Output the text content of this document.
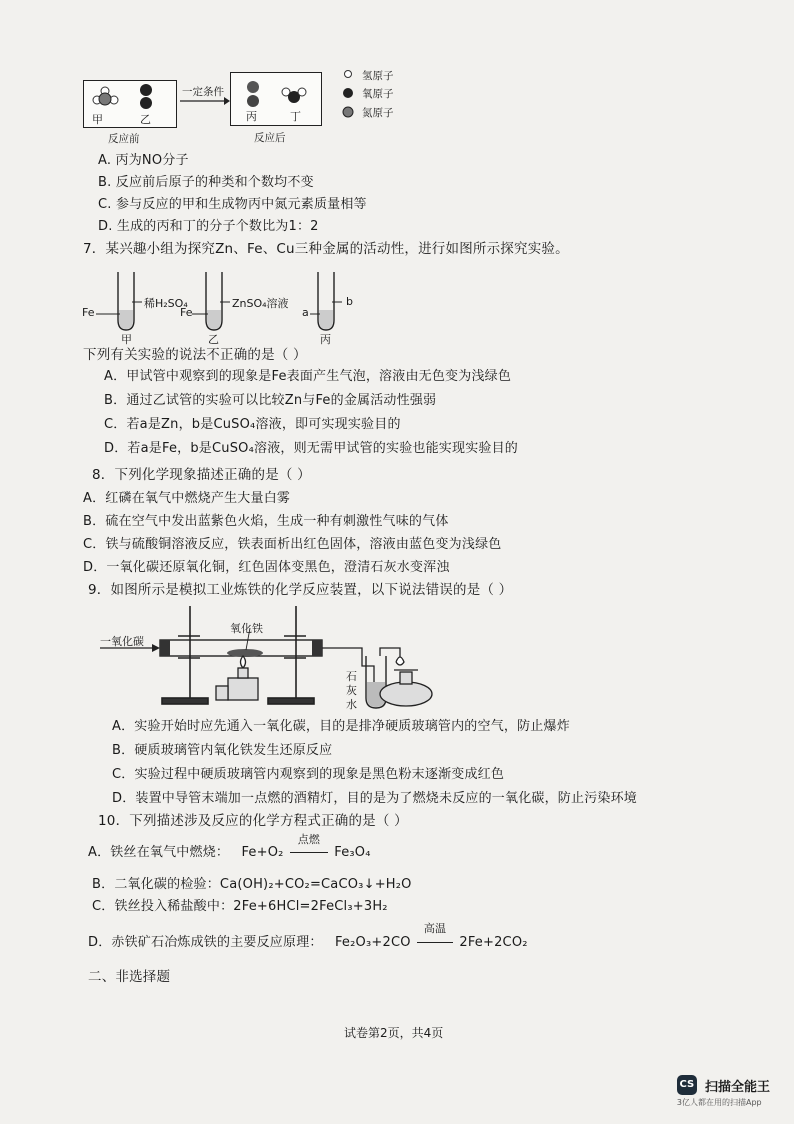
甲	乙
反应前
一定条件
丙	丁
反应后
氢原子
氧原子
氮原子
A. 丙为NO分子
B. 反应前后原子的种类和个数均不变
C. 参与反应的甲和生成物丙中氮元素质量相等
D. 生成的丙和丁的分子个数比为1：2
7．某兴趣小组为探究Zn、Fe、Cu三种金属的活动性，进行如图所示探究实验。
Fe
稀H₂SO₄
甲
Fe
ZnSO₄溶液
乙
a
b
丙
下列有关实验的说法不正确的是（ ）
A．甲试管中观察到的现象是Fe表面产生气泡，溶液由无色变为浅绿色
B．通过乙试管的实验可以比较Zn与Fe的金属活动性强弱
C．若a是Zn，b是CuSO₄溶液，即可实现实验目的
D．若a是Fe，b是CuSO₄溶液，则无需甲试管的实验也能实现实验目的
8．下列化学现象描述正确的是（ ）
A．红磷在氧气中燃烧产生大量白雾
B．硫在空气中发出蓝紫色火焰，生成一种有刺激性气味的气体
C．铁与硫酸铜溶液反应，铁表面析出红色固体，溶液由蓝色变为浅绿色
D．一氧化碳还原氧化铜，红色固体变黑色，澄清石灰水变浑浊
9．如图所示是模拟工业炼铁的化学反应装置，以下说法错误的是（ ）
一氧化碳
氧化铁
石
灰
水
A．实验开始时应先通入一氧化碳，目的是排净硬质玻璃管内的空气，防止爆炸
B．硬质玻璃管内氧化铁发生还原反应
C．实验过程中硬质玻璃管内观察到的现象是黑色粉末逐渐变成红色
D．装置中导管末端加一点燃的酒精灯，目的是为了燃烧未反应的一氧化碳，防止污染环境
10．下列描述涉及反应的化学方程式正确的是（ ）
A．铁丝在氧气中燃烧： Fe+O₂
点燃
Fe₃O₄
B．二氧化碳的检验：Ca(OH)₂+CO₂=CaCO₃↓+H₂O
C．铁丝投入稀盐酸中：2Fe+6HCl=2FeCl₃+3H₂
D．赤铁矿石冶炼成铁的主要反应原理： Fe₂O₃+2CO
高温
2Fe+2CO₂
二、非选择题
试卷第2页，共4页
CS 扫描全能王
3亿人都在用的扫描App
